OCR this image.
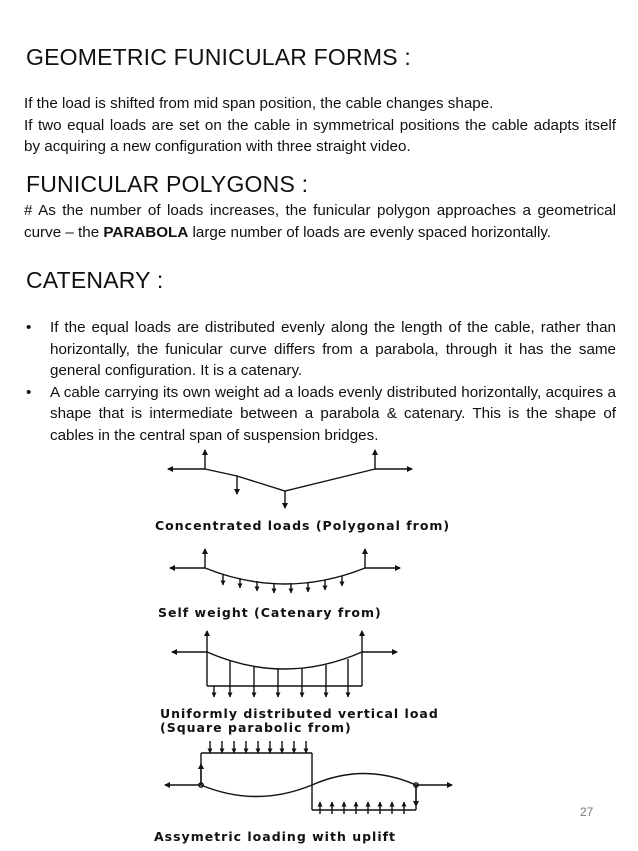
GEOMETRIC FUNICULAR FORMS :
If the load is shifted from mid span position, the cable changes shape.
If two equal loads are set on the cable in symmetrical positions the cable adapts itself by acquiring a new configuration with three straight video.
FUNICULAR POLYGONS :
# As the number of loads increases, the funicular polygon approaches a geometrical curve – the PARABOLA large number of loads are evenly spaced horizontally.
CATENARY :
• If the equal loads are distributed evenly along the length of the cable, rather than horizontally, the funicular curve differs from a parabola, through it has the same general configuration. It is a catenary.
• A cable carrying its own weight ad a loads evenly distributed horizontally, acquires a shape that is intermediate between a parabola & catenary. This is the shape of cables in the central span of suspension bridges.
Concentrated loads (Polygonal from)
Self weight (Catenary from)
Uniformly distributed vertical load
(Square parabolic from)
Assymetric loading with uplift
27
